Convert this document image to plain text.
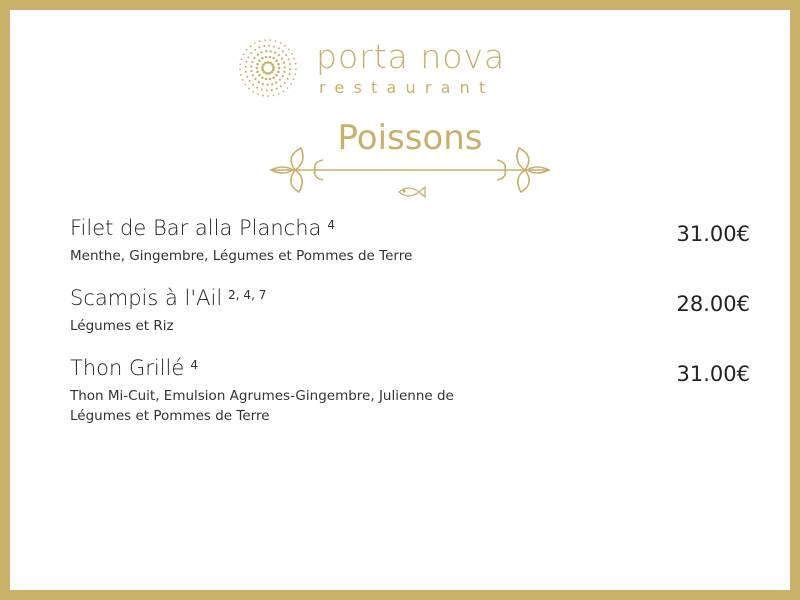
porta nova
restaurant
Poissons
Filet de Bar alla Plancha $^4$	31.00€
Menthe, Gingembre, Légumes et Pommes de Terre
Scampis à l'Ail $^{2, 4, 7}$	28.00€
Légumes et Riz
Thon Grillé $^4$	31.00€
Thon Mi-Cuit, Emulsion Agrumes-Gingembre, Julienne de Légumes et Pommes de Terre
